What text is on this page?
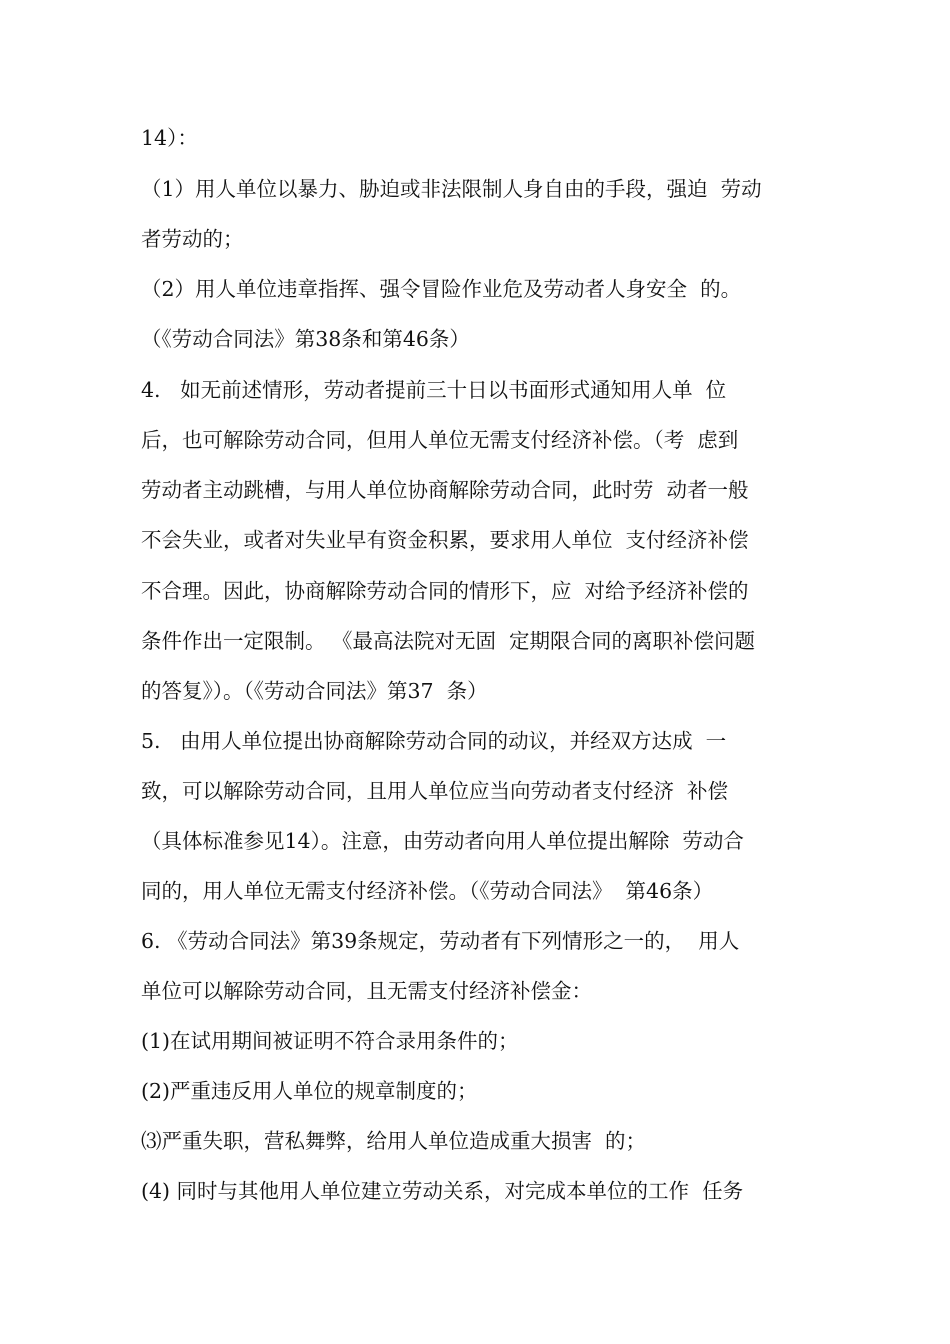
14）：
（1）用人单位以暴力、胁迫或非法限制人身自由的手段，强迫  劳动
者劳动的；
（2）用人单位违章指挥、强令冒险作业危及劳动者人身安全  的。
（《劳动合同法》第38条和第46条）
4.   如无前述情形，劳动者提前三十日以书面形式通知用人单  位
后，也可解除劳动合同，但用人单位无需支付经济补偿。（考  虑到
劳动者主动跳槽，与用人单位协商解除劳动合同，此时劳  动者一般
不会失业，或者对失业早有资金积累，要求用人单位  支付经济补偿
不合理。因此，协商解除劳动合同的情形下，应  对给予经济补偿的
条件作出一定限制。 《最高法院对无固  定期限合同的离职补偿问题
的答复》）。（《劳动合同法》第37  条）
5.   由用人单位提出协商解除劳动合同的动议，并经双方达成  一
致，可以解除劳动合同，且用人单位应当向劳动者支付经济  补偿
（具体标准参见14）。注意，由劳动者向用人单位提出解除  劳动合
同的，用人单位无需支付经济补偿。（《劳动合同法》  第46条）
6. 《劳动合同法》第39条规定，劳动者有下列情形之一的，  用人
单位可以解除劳动合同，且无需支付经济补偿金：
(1)在试用期间被证明不符合录用条件的；
(2)严重违反用人单位的规章制度的；
⑶严重失职，营私舞弊，给用人单位造成重大损害  的；
(4) 同时与其他用人单位建立劳动关系，对完成本单位的工作  任务
